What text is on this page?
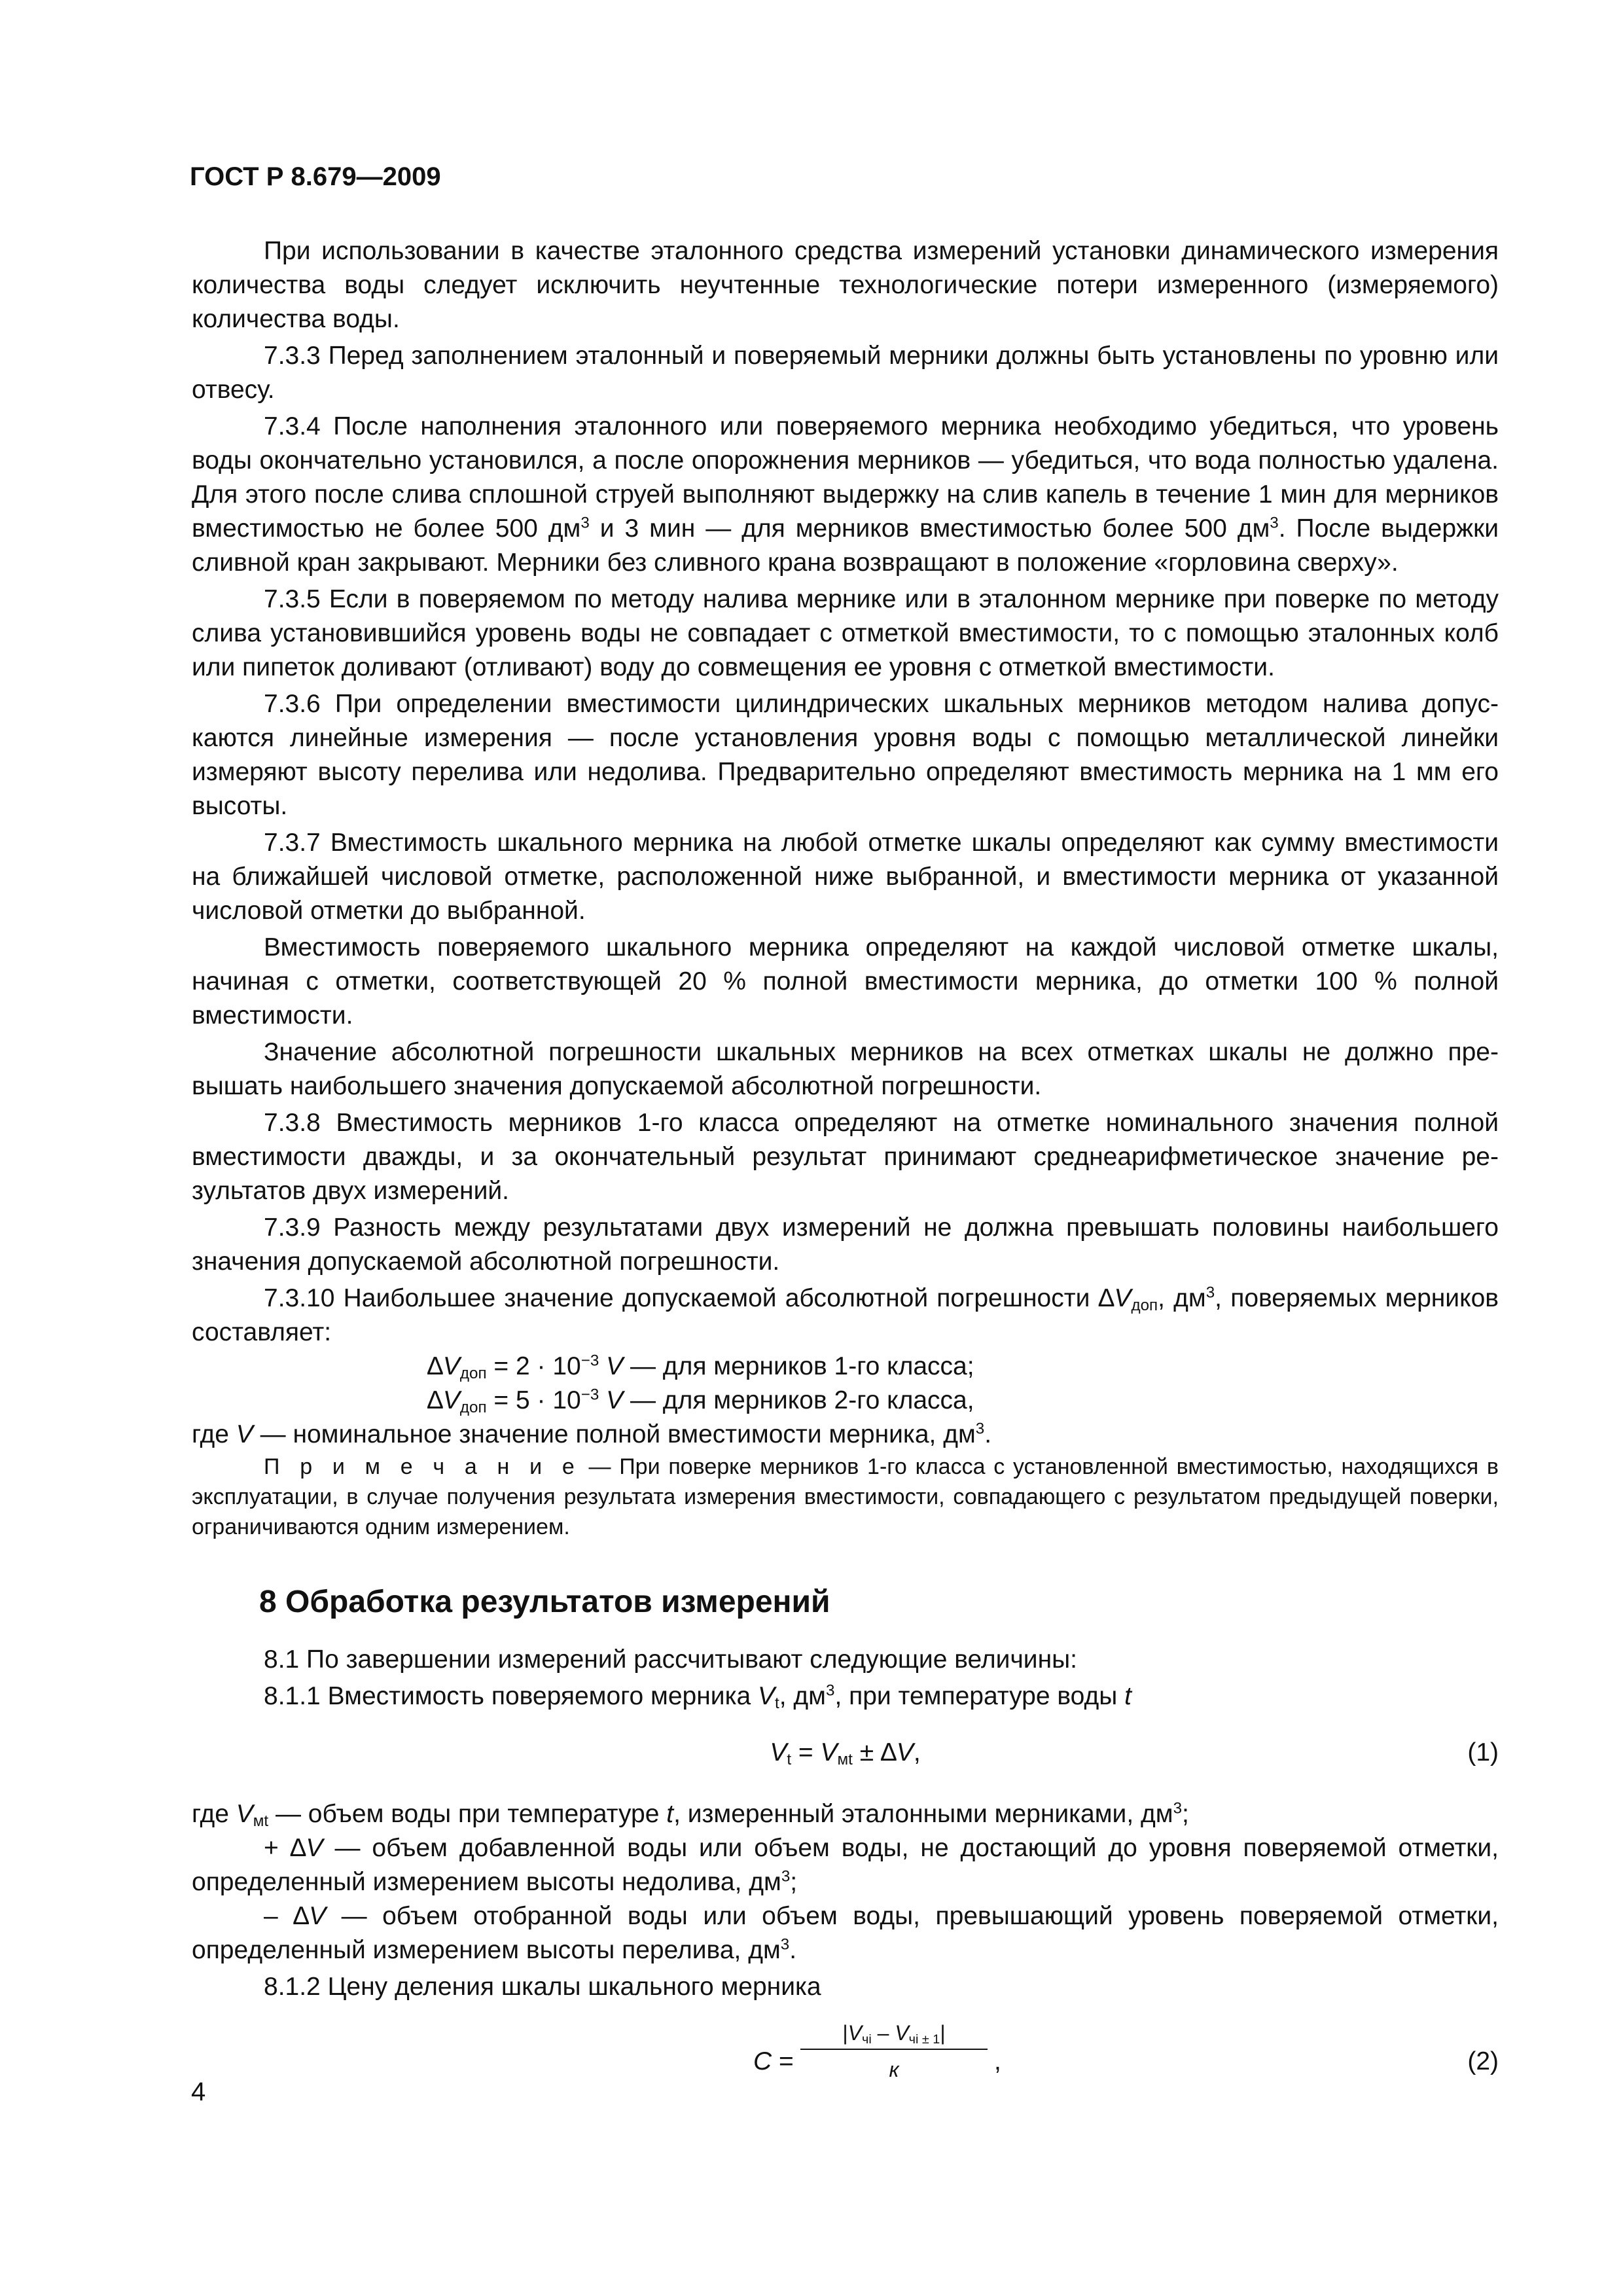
ГОСТ Р 8.679—2009

При использовании в качестве эталонного средства измерений установки динамического измерения количества воды следует исключить неучтенные технологические потери измеренного (измеряемого) количества воды.

7.3.3 Перед заполнением эталонный и поверяемый мерники должны быть установлены по уровню или отвесу.

7.3.4 После наполнения эталонного или поверяемого мерника необходимо убедиться, что уровень воды окончательно установился, а после опорожнения мерников — убедиться, что вода полностью удалена. Для этого после слива сплошной струей выполняют выдержку на слив капель в течение 1 мин для мерников вместимостью не более 500 $дм^3$ и 3 мин — для мерников вместимостью более 500 $дм^3$. После выдержки сливной кран закрывают. Мерники без сливного крана возвращают в положение «горловина сверху».

7.3.5 Если в поверяемом по методу налива мернике или в эталонном мернике при поверке по методу слива установившийся уровень воды не совпадает с отметкой вместимости, то с помощью эталонных колб или пипеток доливают (отливают) воду до совмещения ее уровня с отметкой вместимости.

7.3.6 При определении вместимости цилиндрических шкальных мерников методом налива допускаются линейные измерения — после установления уровня воды с помощью металлической линейки измеряют высоту перелива или недолива. Предварительно определяют вместимость мерника на 1 мм его высоты.

7.3.7 Вместимость шкального мерника на любой отметке шкалы определяют как сумму вместимости на ближайшей числовой отметке, расположенной ниже выбранной, и вместимости мерника от указанной числовой отметки до выбранной.

Вместимость поверяемого шкального мерника определяют на каждой числовой отметке шкалы, начиная с отметки, соответствующей 20 % полной вместимости мерника, до отметки 100 % полной вместимости.

Значение абсолютной погрешности шкальных мерников на всех отметках шкалы не должно превышать наибольшего значения допускаемой абсолютной погрешности.

7.3.8 Вместимость мерников 1-го класса определяют на отметке номинального значения полной вместимости дважды, и за окончательный результат принимают среднеарифметическое значение результатов двух измерений.

7.3.9 Разность между результатами двух измерений не должна превышать половины наибольшего значения допускаемой абсолютной погрешности.

7.3.10 Наибольшее значение допускаемой абсолютной погрешности $\Delta V_{доп}$, $дм^3$, поверяемых мерников составляет:

$\Delta V_{доп} = 2 \cdot 10^{-3}$ V — для мерников 1-го класса;

$\Delta V_{доп} = 5 \cdot 10^{-3}$ V — для мерников 2-го класса,

где V — номинальное значение полной вместимости мерника, $дм^3$.

П р и м е ч а н и е — При поверке мерников 1-го класса с установленной вместимостью, находящихся в эксплуатации, в случае получения результата измерения вместимости, совпадающего с результатом предыдущей поверки, ограничиваются одним измерением.

8 Обработка результатов измерений

8.1 По завершении измерений рассчитывают следующие величины:

8.1.1 Вместимость поверяемого мерника $V_t$, $дм^3$, при температуре воды t

$V_t = V_{мt} \pm \Delta V$,	(1)

где $V_{мt}$ — объем воды при температуре t, измеренный эталонными мерниками, $дм^3$;

+ ∆V — объем добавленной воды или объем воды, не достающий до уровня поверяемой отметки, определенный измерением высоты недолива, $дм^3$;

– ∆V — объем отобранной воды или объем воды, превышающий уровень поверяемой отметки, определенный измерением высоты перелива, $дм^3$.

8.1.2 Цену деления шкалы шкального мерника

C =
$|V_{чi} - V_{чi \pm 1}|$
к	,	(2)
4
